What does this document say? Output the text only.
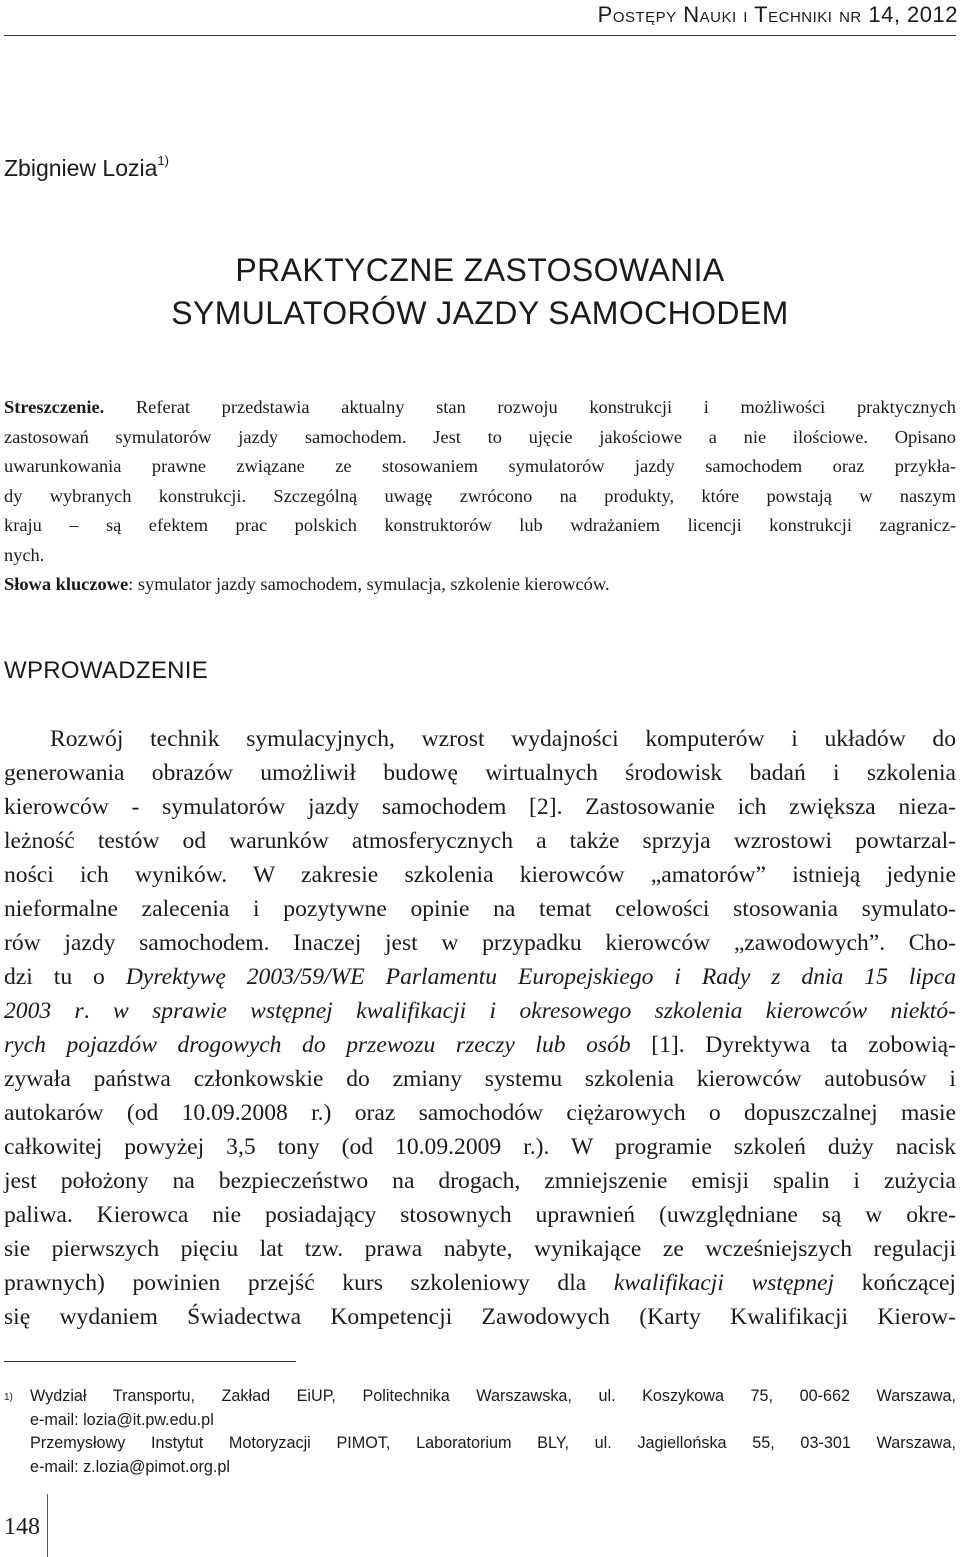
Postępy Nauki i Techniki nr 14, 2012
Zbigniew Lozia$^{1)}$
PRAKTYCZNE ZASTOSOWANIA
SYMULATORÓW JAZDY SAMOCHODEM
Streszczenie. Referat przedstawia aktualny stan rozwoju konstrukcji i możliwości praktycznych
zastosowań symulatorów jazdy samochodem. Jest to ujęcie jakościowe a nie ilościowe. Opisano
uwarunkowania prawne związane ze stosowaniem symulatorów jazdy samochodem oraz przykła-
dy wybranych konstrukcji. Szczególną uwagę zwrócono na produkty, które powstają w naszym
kraju – są efektem prac polskich konstruktorów lub wdrażaniem licencji konstrukcji zagranicz-
nych.
Słowa kluczowe: symulator jazdy samochodem, symulacja, szkolenie kierowców.
WPROWADZENIE
Rozwój technik symulacyjnych, wzrost wydajności komputerów i układów do
generowania obrazów umożliwił budowę wirtualnych środowisk badań i szkolenia
kierowców - symulatorów jazdy samochodem [2]. Zastosowanie ich zwiększa nieza-
leżność testów od warunków atmosferycznych a także sprzyja wzrostowi powtarzal-
ności ich wyników. W zakresie szkolenia kierowców „amatorów” istnieją jedynie
nieformalne zalecenia i pozytywne opinie na temat celowości stosowania symulato-
rów jazdy samochodem. Inaczej jest w przypadku kierowców „zawodowych”. Cho-
dzi tu o Dyrektywę 2003/59/WE Parlamentu Europejskiego i Rady z dnia 15 lipca
2003 r. w sprawie wstępnej kwalifikacji i okresowego szkolenia kierowców niektó-
rych pojazdów drogowych do przewozu rzeczy lub osób [1]. Dyrektywa ta zobowią-
zywała państwa członkowskie do zmiany systemu szkolenia kierowców autobusów i
autokarów (od 10.09.2008 r.) oraz samochodów ciężarowych o dopuszczalnej masie
całkowitej powyżej 3,5 tony (od 10.09.2009 r.). W programie szkoleń duży nacisk
jest położony na bezpieczeństwo na drogach, zmniejszenie emisji spalin i zużycia
paliwa. Kierowca nie posiadający stosownych uprawnień (uwzględniane są w okre-
sie pierwszych pięciu lat tzw. prawa nabyte, wynikające ze wcześniejszych regulacji
prawnych) powinien przejść kurs szkoleniowy dla kwalifikacji wstępnej kończącej
się wydaniem Świadectwa Kompetencji Zawodowych (Karty Kwalifikacji Kierow-
1) Wydział Transportu, Zakład EiUP, Politechnika Warszawska, ul. Koszykowa 75, 00-662 Warszawa,
e-mail: lozia@it.pw.edu.pl
Przemysłowy Instytut Motoryzacji PIMOT, Laboratorium BLY, ul. Jagiellońska 55, 03-301 Warszawa,
e-mail: z.lozia@pimot.org.pl
148
